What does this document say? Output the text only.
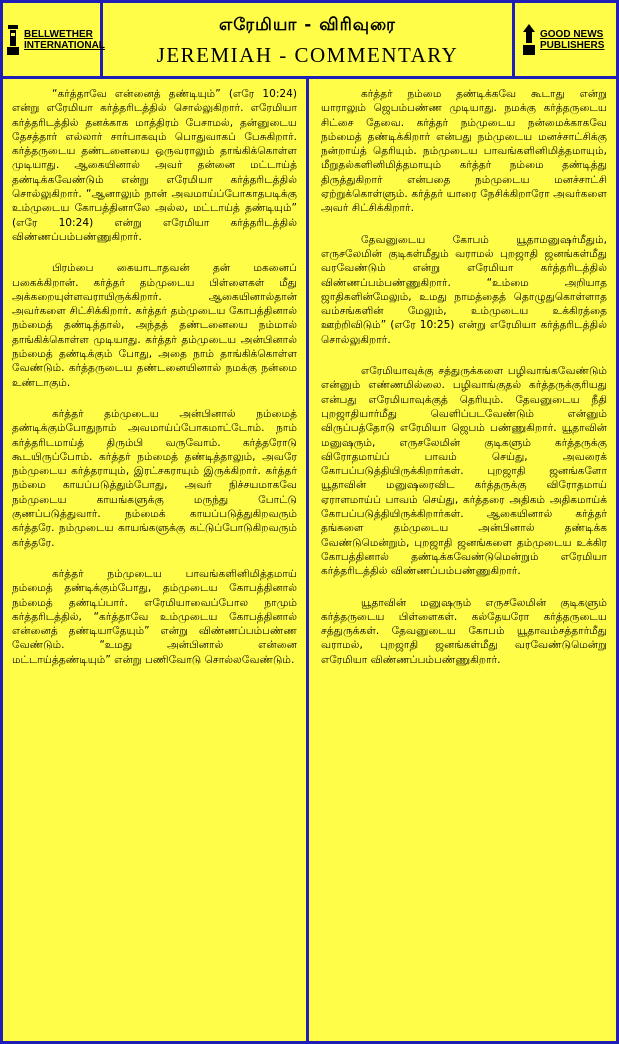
BELLWETHER INTERNATIONAL
எரேமியா - விரிவுரை
JEREMIAH - COMMENTARY
GOOD NEWS PUBLISHERS

“கர்த்தாவே என்னைத் தண்டியும்” (எரே 10:24) என்று எரேமியா கர்த்தரிடத்தில் சொல்லுகிறார். எரேமியா கர்த்தரிடத்தில் தனக்காக மாத்திரம் பேசாமல், தன்னுடைய தேசத்தார் எல்லார் சார்பாகவும் பொதுவாகப் பேசுகிறார். கர்த்தருடைய தண்டனையை ஒருவராலும் தாங்கிக்கொள்ள முடியாது. ஆகையினால் அவர் தன்னை மட்டாய்த் தண்டிக்கவேண்டும் என்று எரேமியா கர்த்தரிடத்தில் சொல்லுகிறார். “ஆனாலும் நான் அவமாய்ப்போகாதபடிக்கு உம்முடைய கோபத்தினாலே அல்ல, மட்டாய்த் தண்டியும்” (எரே 10:24) என்று எரேமியா கர்த்தரிடத்தில் விண்ணப்பம்பண்ணுகிறார்.

பிரம்பை கையாடாதவன் தன் மகனைப் பகைக்கிறான். கர்த்தர் தம்முடைய பிள்ளைகள் மீது அக்கறையுள்ளவராயிருக்கிறார். ஆகையினால்தான் அவர்களை சிட்சிக்கிறார். கர்த்தர் தம்முடைய கோபத்தினால் நம்மைத் தண்டித்தால், அந்தத் தண்டனையை நம்மால் தாங்கிக்கொள்ள முடியாது. கர்த்தர் தம்முடைய அன்பினால் நம்மைத் தண்டிக்கும் போது, அதை நாம் தாங்கிக்கொள்ள வேண்டும். கர்த்தருடைய தண்டனையினால் நமக்கு நன்மை உண்டாகும்.

கர்த்தர் தம்முடைய அன்பினால் நம்மைத் தண்டிக்கும்போதுநாம் அவமாய்ப்போகமாட்டோம். நாம் கர்த்தரிடமாய்த் திரும்பி வருவோம். கர்த்தரோடு கூடயிருப்போம். கர்த்தர் நம்மைத் தண்டித்தாலும், அவரே நம்முடைய கர்த்தராயும், இரட்சகராயும் இருக்கிறார். கர்த்தர் நம்மை காயப்படுத்தும்போது, அவர் நிச்சயமாகவே நம்முடைய காயங்களுக்கு மருந்து போட்டு குணப்படுத்துவார். நம்மைக் காயப்படுத்துகிறவரும் கர்த்தரே. நம்முடைய காயங்களுக்கு கட்டுப்போடுகிறவரும் கர்த்தரே.

கர்த்தர் நம்முடைய பாவங்களினிமித்தமாய் நம்மைத் தண்டிக்கும்போது, தம்முடைய கோபத்தினால் நம்மைத் தண்டிப்பார். எரேமியாவைப்போல நாமும் கர்த்தரிடத்தில், “கர்த்தாவே உம்முடைய கோபத்தினால் என்னைத் தண்டியாதேயும்” என்று விண்ணப்பம்பண்ண வேண்டும். “உமது அன்பினால் என்னை மட்டாய்த்தண்டியும்” என்று பணிவோடு சொல்லவேண்டும்.

கர்த்தர் நம்மை தண்டிக்கவே கூடாது என்று யாராலும் ஜெபம்பண்ண முடியாது. நமக்கு கர்த்தருடைய சிட்சை தேவை. கர்த்தர் நம்முடைய நன்மைக்காகவே நம்மைத் தண்டிக்கிறார் என்பது நம்முடைய மனச்சாட்சிக்கு நன்றாய்த் தெரியும். நம்முடைய பாவங்களினிமித்தமாயும், மீறுதல்களினிமித்தமாயும் கர்த்தர் நம்மை தண்டித்து திருத்துகிறார் என்பதை நம்முடைய மனச்சாட்சி ஏற்றுக்கொள்ளும். கர்த்தர் யாரை நேசிக்கிறாரோ அவர்களை அவர் சிட்சிக்கிறார்.

தேவனுடைய கோபம் யூதாமனுஷர்மீதும், எருசலேமின் குடிகள்மீதும் வராமல் புறஜாதி ஜனங்கள்மீது வரவேண்டும் என்று எரேமியா கர்த்தரிடத்தில் விண்ணப்பம்பண்ணுகிறார். “உம்மை அறியாத ஜாதிகளின்மேலும், உமது நாமத்தைத் தொழுதுகொள்ளாத வம்சங்களின் மேலும், உம்முடைய உக்கிரத்தை ஊற்றிவிடும்” (எரே 10:25) என்று எரேமியா கர்த்தரிடத்தில் சொல்லுகிறார்.

எரேமியாவுக்கு சத்துருக்களை பழிவாங்கவேண்டும் என்னும் எண்ணமில்லை. பழிவாங்குதல் கர்த்தருக்குரியது என்பது எரேமியாவுக்குத் தெரியும். தேவனுடைய நீதி புறஜாதியார்மீது வெளிப்படவேண்டும் என்னும் விருப்பத்தோடு எரேமியா ஜெபம் பண்ணுகிறார். யூதாவின் மனுஷரும், எருசலேமின் குடிகளும் கர்த்தருக்கு விரோதமாய்ப் பாவம் செய்து, அவரைக் கோபப்படுத்தியிருக்கிறார்கள். புறஜாதி ஜனங்களோ யூதாவின் மனுஷரைவிட கர்த்தருக்கு விரோதமாய் ஏராளமாய்ப் பாவம் செய்து, கர்த்தரை அதிகம் அதிகமாய்க் கோபப்படுத்தியிருக்கிறார்கள். ஆகையினால் கர்த்தர் தங்களை தம்முடைய அன்பினால் தண்டிக்க வேண்டுமென்றும், புறஜாதி ஜனங்களை தம்முடைய உக்கிர கோபத்தினால் தண்டிக்கவேண்டுமென்றும் எரேமியா கர்த்தரிடத்தில் விண்ணப்பம்பண்ணுகிறார்.

யூதாவின் மனுஷரும் எருசலேமின் குடிகளும் கர்த்தருடைய பிள்ளைகள். கல்தேயரோ கர்த்தருடைய சத்துருக்கள். தேவனுடைய கோபம் யூதாவம்சத்தார்மீது வராமல், புறஜாதி ஜனங்கள்மீது வரவேண்டுமென்று எரேமியா விண்ணப்பம்பண்ணுகிறார்.
